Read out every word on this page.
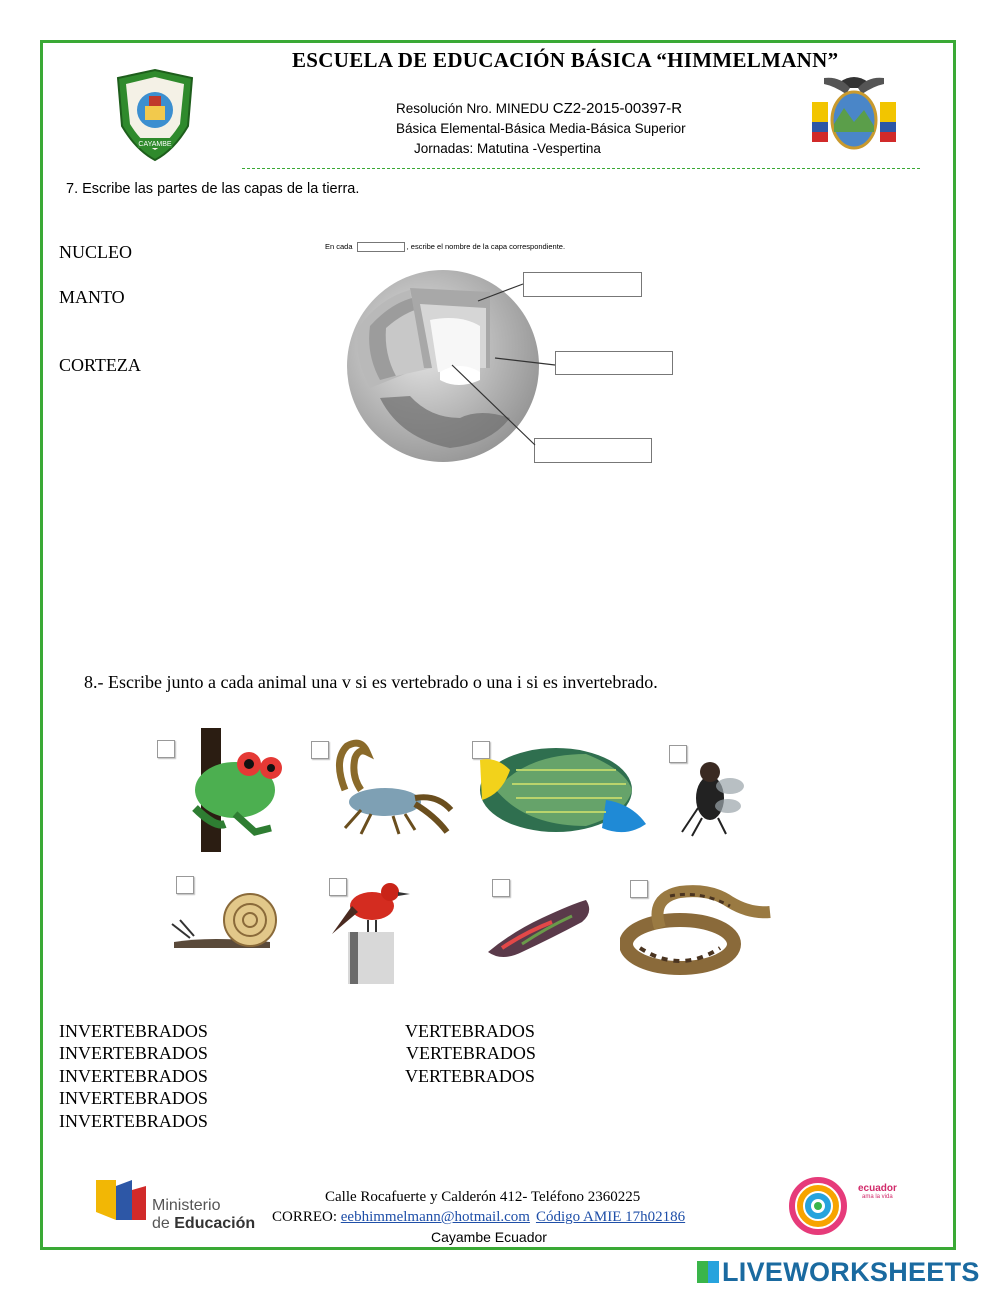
CAYAMBE
ESCUELA DE EDUCACIÓN BÁSICA “HIMMELMANN”
Resolución Nro. MINEDU CZ2-2015-00397-R
Básica Elemental-Básica Media-Básica Superior
Jornadas: Matutina -Vespertina
7. Escribe las partes de las capas de la tierra.
NUCLEO
MANTO
CORTEZA
En cada	, escribe el nombre de la capa correspondiente.
8.- Escribe junto a cada animal una v si es vertebrado o una i si es invertebrado.
INVERTEBRADOS
INVERTEBRADOS
INVERTEBRADOS
INVERTEBRADOS
INVERTEBRADOS
VERTEBRADOS
VERTEBRADOS
VERTEBRADOS
Ministerio
de Educación
Calle Rocafuerte y Calderón 412- Teléfono 2360225
CORREO: eebhimmelmann@hotmail.com Código AMIE 17h02186
Cayambe Ecuador
ecuador
ama la vida
LIVEWORKSHEETS
